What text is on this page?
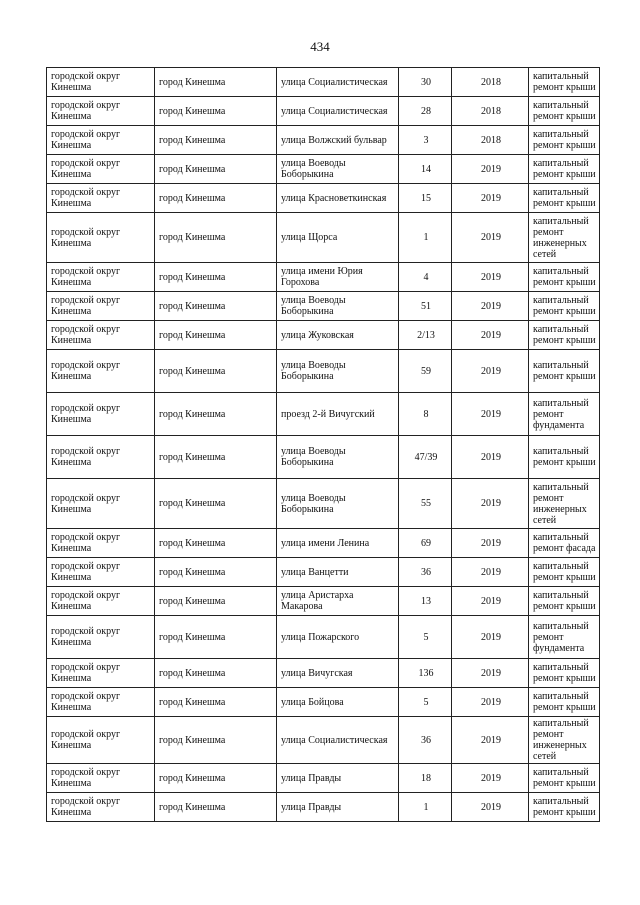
434
городской округ Кинешма	город Кинешма	улица Социалистическая	30	2018	капитальный ремонт крыши
городской округ Кинешма	город Кинешма	улица Социалистическая	28	2018	капитальный ремонт крыши
городской округ Кинешма	город Кинешма	улица Волжский бульвар	3	2018	капитальный ремонт крыши
городской округ Кинешма	город Кинешма	улица Воеводы Боборыкина	14	2019	капитальный ремонт крыши
городской округ Кинешма	город Кинешма	улица Красноветкинская	15	2019	капитальный ремонт крыши
городской округ Кинешма	город Кинешма	улица Щорса	1	2019	капитальный ремонт инженерных сетей
городской округ Кинешма	город Кинешма	улица имени Юрия Горохова	4	2019	капитальный ремонт крыши
городской округ Кинешма	город Кинешма	улица Воеводы Боборыкина	51	2019	капитальный ремонт крыши
городской округ Кинешма	город Кинешма	улица Жуковская	2/13	2019	капитальный ремонт крыши
городской округ Кинешма	город Кинешма	улица Воеводы Боборыкина	59	2019	капитальный ремонт крыши
городской округ Кинешма	город Кинешма	проезд 2-й Вичугский	8	2019	капитальный ремонт фундамента
городской округ Кинешма	город Кинешма	улица Воеводы Боборыкина	47/39	2019	капитальный ремонт крыши
городской округ Кинешма	город Кинешма	улица Воеводы Боборыкина	55	2019	капитальный ремонт инженерных сетей
городской округ Кинешма	город Кинешма	улица имени Ленина	69	2019	капитальный ремонт фасада
городской округ Кинешма	город Кинешма	улица Ванцетти	36	2019	капитальный ремонт крыши
городской округ Кинешма	город Кинешма	улица Аристарха Макарова	13	2019	капитальный ремонт крыши
городской округ Кинешма	город Кинешма	улица Пожарского	5	2019	капитальный ремонт фундамента
городской округ Кинешма	город Кинешма	улица Вичугская	136	2019	капитальный ремонт крыши
городской округ Кинешма	город Кинешма	улица Бойцова	5	2019	капитальный ремонт крыши
городской округ Кинешма	город Кинешма	улица Социалистическая	36	2019	капитальный ремонт инженерных сетей
городской округ Кинешма	город Кинешма	улица Правды	18	2019	капитальный ремонт крыши
городской округ Кинешма	город Кинешма	улица Правды	1	2019	капитальный ремонт крыши
